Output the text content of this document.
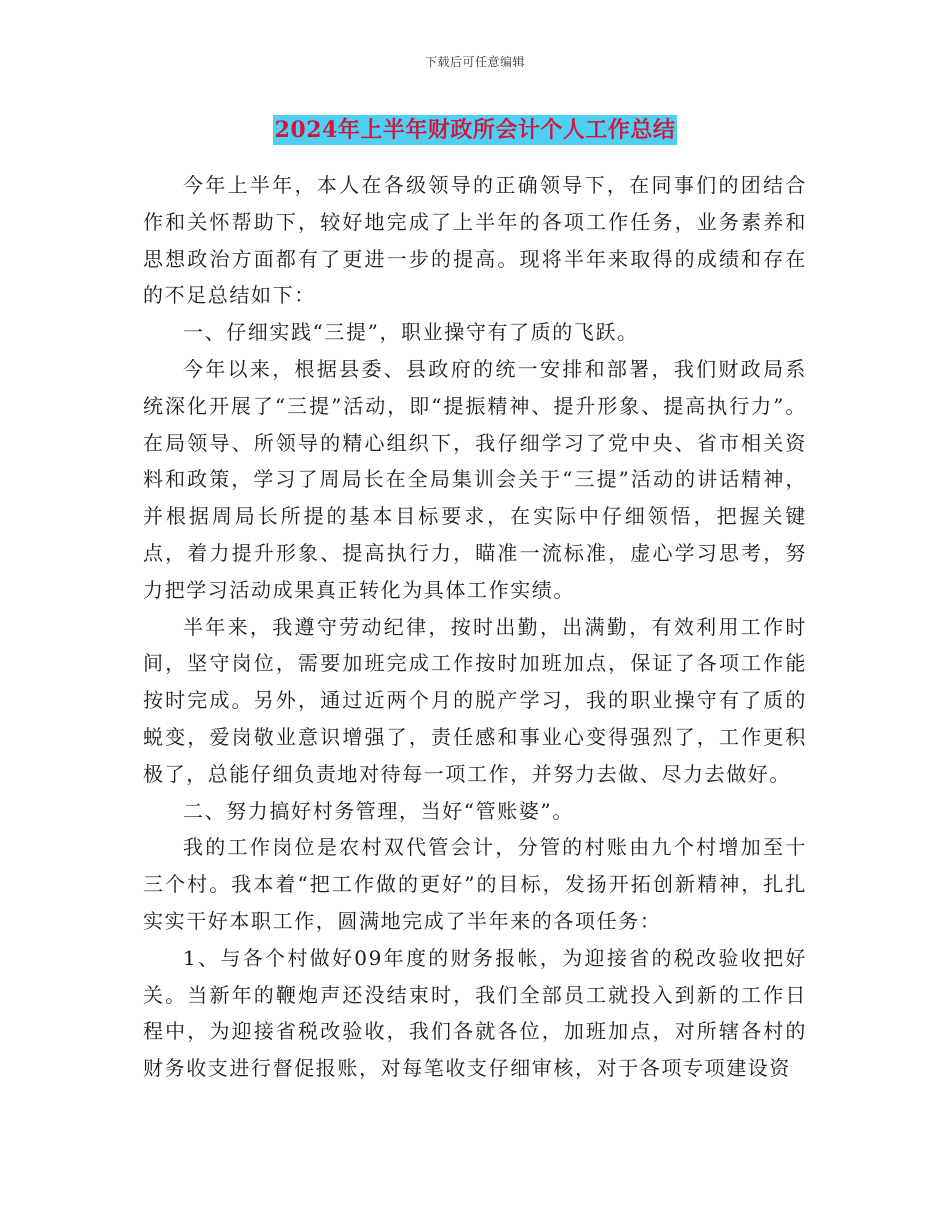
下载后可任意编辑
2024年上半年财政所会计个人工作总结

今年上半年，本人在各级领导的正确领导下，在同事们的团结合作和关怀帮助下，较好地完成了上半年的各项工作任务，业务素养和思想政治方面都有了更进一步的提高。现将半年来取得的成绩和存在的不足总结如下：

一、仔细实践“三提”，职业操守有了质的飞跃。

今年以来，根据县委、县政府的统一安排和部署，我们财政局系统深化开展了“三提”活动，即“提振精神、提升形象、提高执行力”。在局领导、所领导的精心组织下，我仔细学习了党中央、省市相关资料和政策，学习了周局长在全局集训会关于“三提”活动的讲话精神，并根据周局长所提的基本目标要求，在实际中仔细领悟，把握关键点，着力提升形象、提高执行力，瞄准一流标准，虚心学习思考，努力把学习活动成果真正转化为具体工作实绩。

半年来，我遵守劳动纪律，按时出勤，出满勤，有效利用工作时间，坚守岗位，需要加班完成工作按时加班加点，保证了各项工作能按时完成。另外，通过近两个月的脱产学习，我的职业操守有了质的蜕变，爱岗敬业意识增强了，责任感和事业心变得强烈了，工作更积极了，总能仔细负责地对待每一项工作，并努力去做、尽力去做好。

二、努力搞好村务管理，当好“管账婆”。

我的工作岗位是农村双代管会计，分管的村账由九个村增加至十三个村。我本着“把工作做的更好”的目标，发扬开拓创新精神，扎扎实实干好本职工作，圆满地完成了半年来的各项任务：

1、与各个村做好09年度的财务报帐，为迎接省的税改验收把好关。当新年的鞭炮声还没结束时，我们全部员工就投入到新的工作日程中，为迎接省税改验收，我们各就各位，加班加点，对所辖各村的财务收支进行督促报账，对每笔收支仔细审核，对于各项专项建设资
